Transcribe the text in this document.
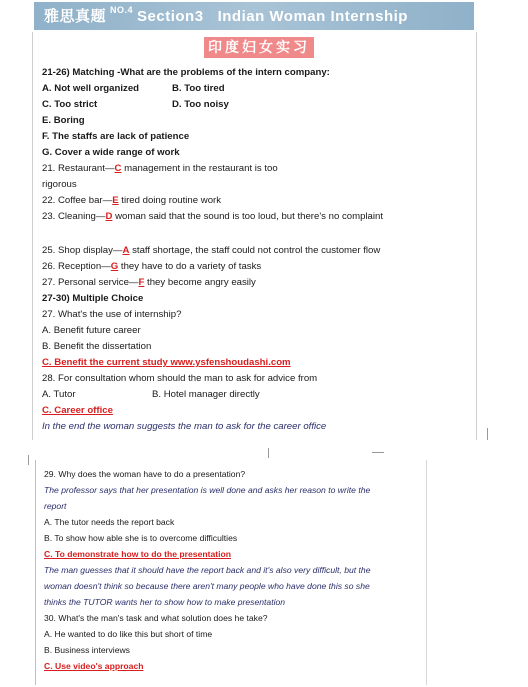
雅思真题 $^{NO.4}$ Section3 Indian Woman Internship
印度妇女实习
21-26) Matching -What are the problems of the intern company:
A. Not well organized	B. Too tired
C. Too strict	D. Too noisy
E. Boring
F. The staffs are lack of patience
G. Cover a wide range of work
21. Restaurant—C management in the restaurant is too
rigorous
22. Coffee bar—E tired doing routine work
23. Cleaning—D woman said that the sound is too loud, but there's no complaint
25. Shop display—A staff shortage, the staff could not control the customer flow
26. Reception—G they have to do a variety of tasks
27. Personal service—F they become angry easily
27-30) Multiple Choice
27. What's the use of internship?
A. Benefit future career
B. Benefit the dissertation
C. Benefit the current study www.ysfenshoudashi.com
28. For consultation whom should the man to ask for advice from
A. Tutor	B. Hotel manager directly
C. Career office
In the end the woman suggests the man to ask for the career office
29. Why does the woman have to do a presentation?
The professor says that her presentation is well done and asks her reason to write the
report
A. The tutor needs the report back
B. To show how able she is to overcome difficulties
C. To demonstrate how to do the presentation
The man guesses that it should have the report back and it's also very difficult, but the
woman doesn't think so because there aren't many people who have done this so she
thinks the TUTOR wants her to show how to make presentation
30. What's the man's task and what solution does he take?
A. He wanted to do like this but short of time
B. Business interviews
C. Use video's approach
